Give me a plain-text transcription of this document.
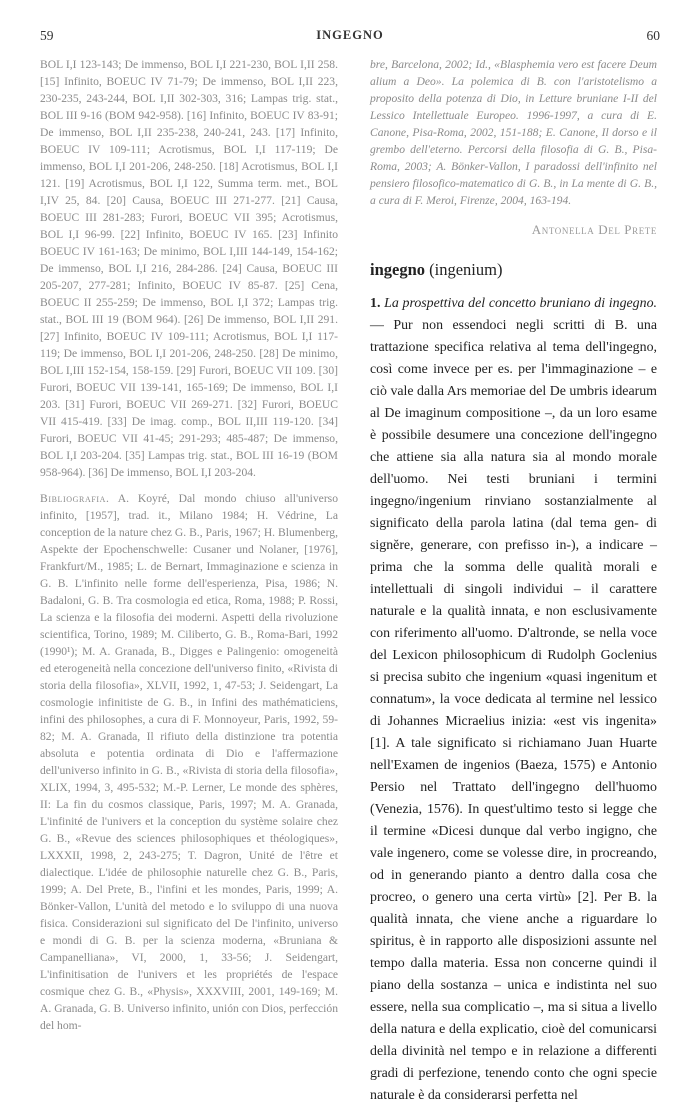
59	INGEGNO	60

BOL I,I 123-143; De immenso, BOL I,I 221-230, BOL I,II 258. [15] Infinito, BOEUC IV 71-79; De immenso, BOL I,II 223, 230-235, 243-244, BOL I,II 302-303, 316; Lampas trig. stat., BOL III 9-16 (BOM 942-958). [16] Infinito, BOEUC IV 83-91; De immenso, BOL I,II 235-238, 240-241, 243. [17] Infinito, BOEUC IV 109-111; Acrotismus, BOL I,I 117-119; De immenso, BOL I,I 201-206, 248-250. [18] Acrotismus, BOL I,I 121. [19] Acrotismus, BOL I,I 122, Summa term. met., BOL I,IV 25, 84. [20] Causa, BOEUC III 271-277. [21] Causa, BOEUC III 281-283; Furori, BOEUC VII 395; Acrotismus, BOL I,I 96-99. [22] Infinito, BOEUC IV 165. [23] Infinito BOEUC IV 161-163; De minimo, BOL I,III 144-149, 154-162; De immenso, BOL I,I 216, 284-286. [24] Causa, BOEUC III 205-207, 277-281; Infinito, BOEUC IV 85-87. [25] Cena, BOEUC II 255-259; De immenso, BOL I,I 372; Lampas trig. stat., BOL III 19 (BOM 964). [26] De immenso, BOL I,II 291. [27] Infinito, BOEUC IV 109-111; Acrotismus, BOL I,I 117-119; De immenso, BOL I,I 201-206, 248-250. [28] De minimo, BOL I,III 152-154, 158-159. [29] Furori, BOEUC VII 109. [30] Furori, BOEUC VII 139-141, 165-169; De immenso, BOL I,I 203. [31] Furori, BOEUC VII 269-271. [32] Furori, BOEUC VII 415-419. [33] De imag. comp., BOL II,III 119-120. [34] Furori, BOEUC VII 41-45; 291-293; 485-487; De immenso, BOL I,I 203-204. [35] Lampas trig. stat., BOL III 16-19 (BOM 958-964). [36] De immenso, BOL I,I 203-204.

Bibliografia. A. Koyré, Dal mondo chiuso all'universo infinito, [1957], trad. it., Milano 1984; H. Védrine, La conception de la nature chez G. B., Paris, 1967; H. Blumenberg, Aspekte der Epochenschwelle: Cusaner und Nolaner, [1976], Frankfurt/M., 1985; L. de Bernart, Immaginazione e scienza in G. B. L'infinito nelle forme dell'esperienza, Pisa, 1986; N. Badaloni, G. B. Tra cosmologia ed etica, Roma, 1988; P. Rossi, La scienza e la filosofia dei moderni. Aspetti della rivoluzione scientifica, Torino, 1989; M. Ciliberto, G. B., Roma-Bari, 1992 (1990¹); M. A. Granada, B., Digges e Palingenio: omogeneità ed eterogeneità nella concezione dell'universo finito, «Rivista di storia della filosofia», XLVII, 1992, 1, 47-53; J. Seidengart, La cosmologie infinitiste de G. B., in Infini des mathématiciens, infini des philosophes, a cura di F. Monnoyeur, Paris, 1992, 59-82; M. A. Granada, Il rifiuto della distinzione tra potentia absoluta e potentia ordinata di Dio e l'affermazione dell'universo infinito in G. B., «Rivista di storia della filosofia», XLIX, 1994, 3, 495-532; M.-P. Lerner, Le monde des sphères, II: La fin du cosmos classique, Paris, 1997; M. A. Granada, L'infinité de l'univers et la conception du système solaire chez G. B., «Revue des sciences philosophiques et théologiques», LXXXII, 1998, 2, 243-275; T. Dagron, Unité de l'être et dialectique. L'idée de philosophie naturelle chez G. B., Paris, 1999; A. Del Prete, B., l'infini et les mondes, Paris, 1999; A. Bönker-Vallon, L'unità del metodo e lo sviluppo di una nuova fisica. Considerazioni sul significato del De l'infinito, universo e mondi di G. B. per la scienza moderna, «Bruniana & Campanelliana», VI, 2000, 1, 33-56; J. Seidengart, L'infinitisation de l'univers et les propriétés de l'espace cosmique chez G. B., «Physis», XXXVIII, 2001, 149-169; M. A. Granada, G. B. Universo infinito, unión con Dios, perfección del hom-

bre, Barcelona, 2002; Id., «Blasphemia vero est facere Deum alium a Deo». La polemica di B. con l'aristotelismo a proposito della potenza di Dio, in Letture bruniane I-II del Lessico Intellettuale Europeo. 1996-1997, a cura di E. Canone, Pisa-Roma, 2002, 151-188; E. Canone, Il dorso e il grembo dell'eterno. Percorsi della filosofia di G. B., Pisa-Roma, 2003; A. Bönker-Vallon, I paradossi dell'infinito nel pensiero filosofico-matematico di G. B., in La mente di G. B., a cura di F. Meroi, Firenze, 2004, 163-194.

Antonella Del Prete

ingegno (ingenium)

1. La prospettiva del concetto bruniano di ingegno. — Pur non essendoci negli scritti di B. una trattazione specifica relativa al tema dell'ingegno, così come invece per es. per l'immaginazione – e ciò vale dalla Ars memoriae del De umbris idearum al De imaginum compositione –, da un loro esame è possibile desumere una concezione dell'ingegno che attiene sia alla natura sia al mondo morale dell'uomo. Nei testi bruniani i termini ingegno/ingenium rinviano sostanzialmente al significato della parola latina (dal tema gen- di signĕre, generare, con prefisso in-), a indicare – prima che la somma delle qualità morali e intellettuali di singoli individui – il carattere naturale e la qualità innata, e non esclusivamente con riferimento all'uomo. D'altronde, se nella voce del Lexicon philosophicum di Rudolph Goclenius si precisa subito che ingenium «quasi ingenitum et connatum», la voce dedicata al termine nel lessico di Johannes Micraelius inizia: «est vis ingenita» [1]. A tale significato si richiamano Juan Huarte nell'Examen de ingenios (Baeza, 1575) e Antonio Persio nel Trattato dell'ingegno dell'huomo (Venezia, 1576). In quest'ultimo testo si legge che il termine «Dicesi dunque dal verbo ingigno, che vale ingenero, come se volesse dire, in procreando, od in generando pianto a dentro dalla cosa che procreo, o genero una certa virtù» [2]. Per B. la qualità innata, che viene anche a riguardare lo spiritus, è in rapporto alle disposizioni assunte nel tempo dalla materia. Essa non concerne quindi il piano della sostanza – unica e indistinta nel suo essere, nella sua complicatio –, ma si situa a livello della natura e della explicatio, cioè del comunicarsi della divinità nel tempo e in relazione a differenti gradi di perfezione, tenendo conto che ogni specie naturale è da considerarsi perfetta nel
